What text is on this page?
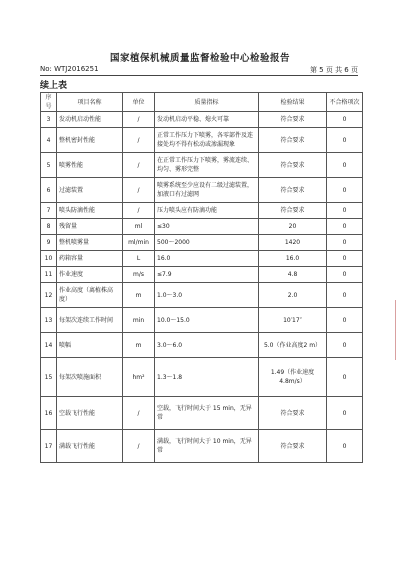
国家植保机械质量监督检验中心检验报告
No: WTJ2016251	第 5 页 共 6 页
续上表
序号	项目名称	单位	质量指标	检验结果	不合格项次
3	发动机启动性能	/	发动机启动平稳、熄火可靠	符合要求	0
4	整机密封性能	/	正常工作压力下喷雾，各零部件及连接处均不得有松动或渗漏现象	符合要求	0
5	喷雾性能	/	在正常工作压力下喷雾，雾流连续、均匀、雾形完整	符合要求	0
6	过滤装置	/	喷雾系统至少应设有二级过滤装置，加液口有过滤网	符合要求	0
7	喷头防滴性能	/	压力喷头应有防滴功能	符合要求	0
8	残留量	ml	≤30	20	0
9	整机喷雾量	ml/min	500～2000	1420	0
10	药箱容量	L	16.0	16.0	0
11	作业速度	m/s	≤7.9	4.8	0
12	作业高度（离植株高度）	m	1.0～3.0	2.0	0
13	每架次连续工作时间	min	10.0～15.0	10′17″	0
14	喷幅	m	3.0～6.0	5.0（作业高度2 m）	0
15	每架次喷施面积	hm²	1.3～1.8	1.49（作业速度4.8m/s）	0
16	空载飞行性能	/	空载，飞行时间大于 15 min，无异常	符合要求	0
17	满载飞行性能	/	满载，飞行时间大于 10 min，无异常	符合要求	0
